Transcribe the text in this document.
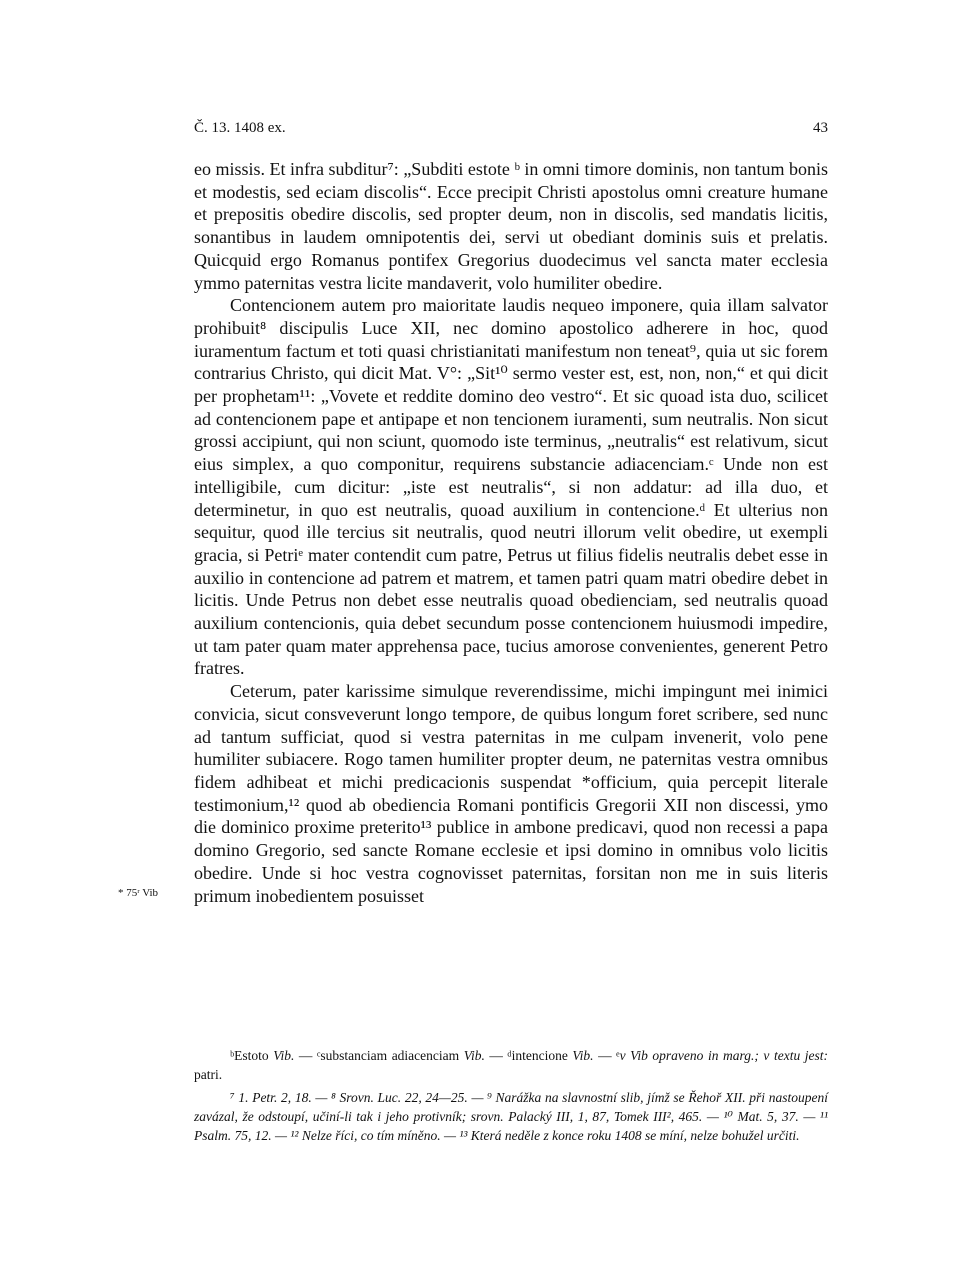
Č. 13. 1408 ex.	43

eo missis. Et infra subditur⁷: „Subditi estote ᵇ in omni timore dominis, non tantum bonis et modestis, sed eciam discolis“. Ecce precipit Christi apostolus omni creature humane et prepositis obedire discolis, sed propter deum, non in discolis, sed mandatis licitis, sonantibus in laudem omnipotentis dei, servi ut obediant dominis suis et prelatis. Quicquid ergo Romanus pontifex Gregorius duodecimus vel sancta mater ecclesia ymmo paternitas vestra licite mandaverit, volo humiliter obedire.

Contencionem autem pro maioritate laudis nequeo imponere, quia illam salvator prohibuit⁸ discipulis Luce XII, nec domino apostolico adherere in hoc, quod iuramentum factum et toti quasi christianitati manifestum non teneat⁹, quia ut sic forem contrarius Christo, qui dicit Mat. V°: „Sit¹⁰ sermo vester est, est, non, non,“ et qui dicit per prophetam¹¹: „Vovete et reddite domino deo vestro“. Et sic quoad ista duo, scilicet ad contencionem pape et antipape et non tencionem iuramenti, sum neutralis. Non sicut grossi accipiunt, qui non sciunt, quomodo iste terminus, „neutralis“ est relativum, sicut eius simplex, a quo componitur, requirens substancie adiacenciam.ᶜ Unde non est intelligibile, cum dicitur: „iste est neutralis“, si non addatur: ad illa duo, et determinetur, in quo est neutralis, quoad auxilium in contencione.ᵈ Et ulterius non sequitur, quod ille tercius sit neutralis, quod neutri illorum velit obedire, ut exempli gracia, si Petriᵉ mater contendit cum patre, Petrus ut filius fidelis neutralis debet esse in auxilio in contencione ad patrem et matrem, et tamen patri quam matri obedire debet in licitis. Unde Petrus non debet esse neutralis quoad obedienciam, sed neutralis quoad auxilium contencionis, quia debet secundum posse contencionem huiusmodi impedire, ut tam pater quam mater apprehensa pace, tucius amorose convenientes, generent Petro fratres.

Ceterum, pater karissime simulque reverendissime, michi impingunt mei inimici convicia, sicut consveverunt longo tempore, de quibus longum foret scribere, sed nunc ad tantum sufficiat, quod si vestra paternitas in me culpam invenerit, volo pene humiliter subiacere. Rogo tamen humiliter propter deum, ne paternitas vestra omnibus fidem adhibeat et michi predicacionis suspendat *officium, quia percepit literale testimonium,¹² quod ab obediencia Romani pontificis Gregorii XII non discessi, ymo die dominico proxime preterito¹³ publice in ambone predicavi, quod non recessi a papa domino Gregorio, sed sancte Romane ecclesie et ipsi domino in omnibus volo licitis obedire. Unde si hoc vestra cognovisset paternitas, forsitan non me in suis literis primum inobedientem posuisset

* 75ʳ Vib

ᵇEstoto Vib. — ᶜsubstanciam adiacenciam Vib. — ᵈintencione Vib. — ᵉv Vib opraveno in marg.; v textu jest: patri.

⁷ 1. Petr. 2, 18. — ⁸ Srovn. Luc. 22, 24—25. — ⁹ Narážka na slavnostní slib, jímž se Řehoř XII. při nastoupení zavázal, že odstoupí, učiní-li tak i jeho protivník; srovn. Palacký III, 1, 87, Tomek III², 465. — ¹⁰ Mat. 5, 37. — ¹¹ Psalm. 75, 12. — ¹² Nelze říci, co tím míněno. — ¹³ Která neděle z konce roku 1408 se míní, nelze bohužel určiti.
